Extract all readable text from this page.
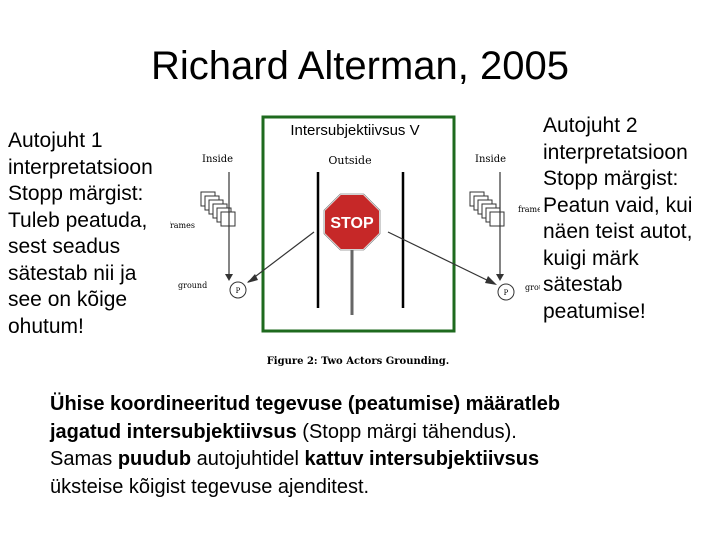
Richard Alterman, 2005
Autojuht 1
interpretatsioon
Stopp märgist:
Tuleb peatuda,
sest seadus
sätestab nii ja
see on kõige
ohutum!
STOP
Outside
Inside
rames
ground
P
Inside
frame
gro
P
Figure 2: Two Actors Grounding.
Intersubjektiivsus V	Autojuht 2
interpretatsioon
Stopp märgist:
Peatun vaid, kui
näen teist autot,
kuigi märk
sätestab
peatumise!
Ühise koordineeritud tegevuse (peatumise) määratleb
jagatud intersubjektiivsus (Stopp märgi tähendus).
Samas puudub autojuhtidel kattuv intersubjektiivsus
üksteise kõigist tegevuse ajenditest.
